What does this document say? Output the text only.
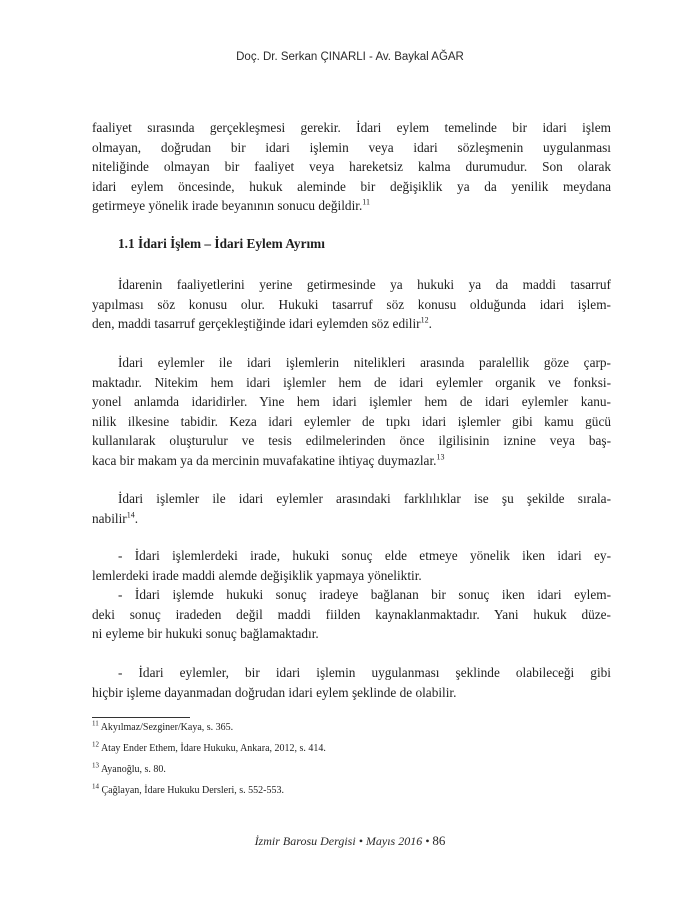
Doç. Dr. Serkan ÇINARLI - Av. Baykal AĞAR
faaliyet sırasında gerçekleşmesi gerekir. İdari eylem temelinde bir idari işlem
olmayan, doğrudan bir idari işlemin veya idari sözleşmenin uygulanması
niteliğinde olmayan bir faaliyet veya hareketsiz kalma durumudur. Son olarak
idari eylem öncesinde, hukuk aleminde bir değişiklik ya da yenilik meydana
getirmeye yönelik irade beyanının sonucu değildir.$^{11}$
1.1 İdari İşlem – İdari Eylem Ayrımı
İdarenin faaliyetlerini yerine getirmesinde ya hukuki ya da maddi tasarruf
yapılması söz konusu olur. Hukuki tasarruf söz konusu olduğunda idari işlem-
den, maddi tasarruf gerçekleştiğinde idari eylemden söz edilir$^{12}$.
İdari eylemler ile idari işlemlerin nitelikleri arasında paralellik göze çarp-
maktadır. Nitekim hem idari işlemler hem de idari eylemler organik ve fonksi-
yonel anlamda idaridirler. Yine hem idari işlemler hem de idari eylemler kanu-
nilik ilkesine tabidir. Keza idari eylemler de tıpkı idari işlemler gibi kamu gücü
kullanılarak oluşturulur ve tesis edilmelerinden önce ilgilisinin iznine veya baş-
kaca bir makam ya da mercinin muvafakatine ihtiyaç duymazlar.$^{13}$
İdari işlemler ile idari eylemler arasındaki farklılıklar ise şu şekilde sırala-
nabilir$^{14}$.
- İdari işlemlerdeki irade, hukuki sonuç elde etmeye yönelik iken idari ey-
lemlerdeki irade maddi alemde değişiklik yapmaya yöneliktir.
- İdari işlemde hukuki sonuç iradeye bağlanan bir sonuç iken idari eylem-
deki sonuç iradeden değil maddi fiilden kaynaklanmaktadır. Yani hukuk düze-
ni eyleme bir hukuki sonuç bağlamaktadır.
- İdari eylemler, bir idari işlemin uygulanması şeklinde olabileceği gibi
hiçbir işleme dayanmadan doğrudan idari eylem şeklinde de olabilir.
$^{11}$ Akyılmaz/Sezginer/Kaya, s. 365.
$^{12}$ Atay Ender Ethem, İdare Hukuku, Ankara, 2012, s. 414.
$^{13}$ Ayanoğlu, s. 80.
$^{14}$ Çağlayan, İdare Hukuku Dersleri, s. 552-553.
İzmir Barosu Dergisi • Mayıs 2016 • 86
